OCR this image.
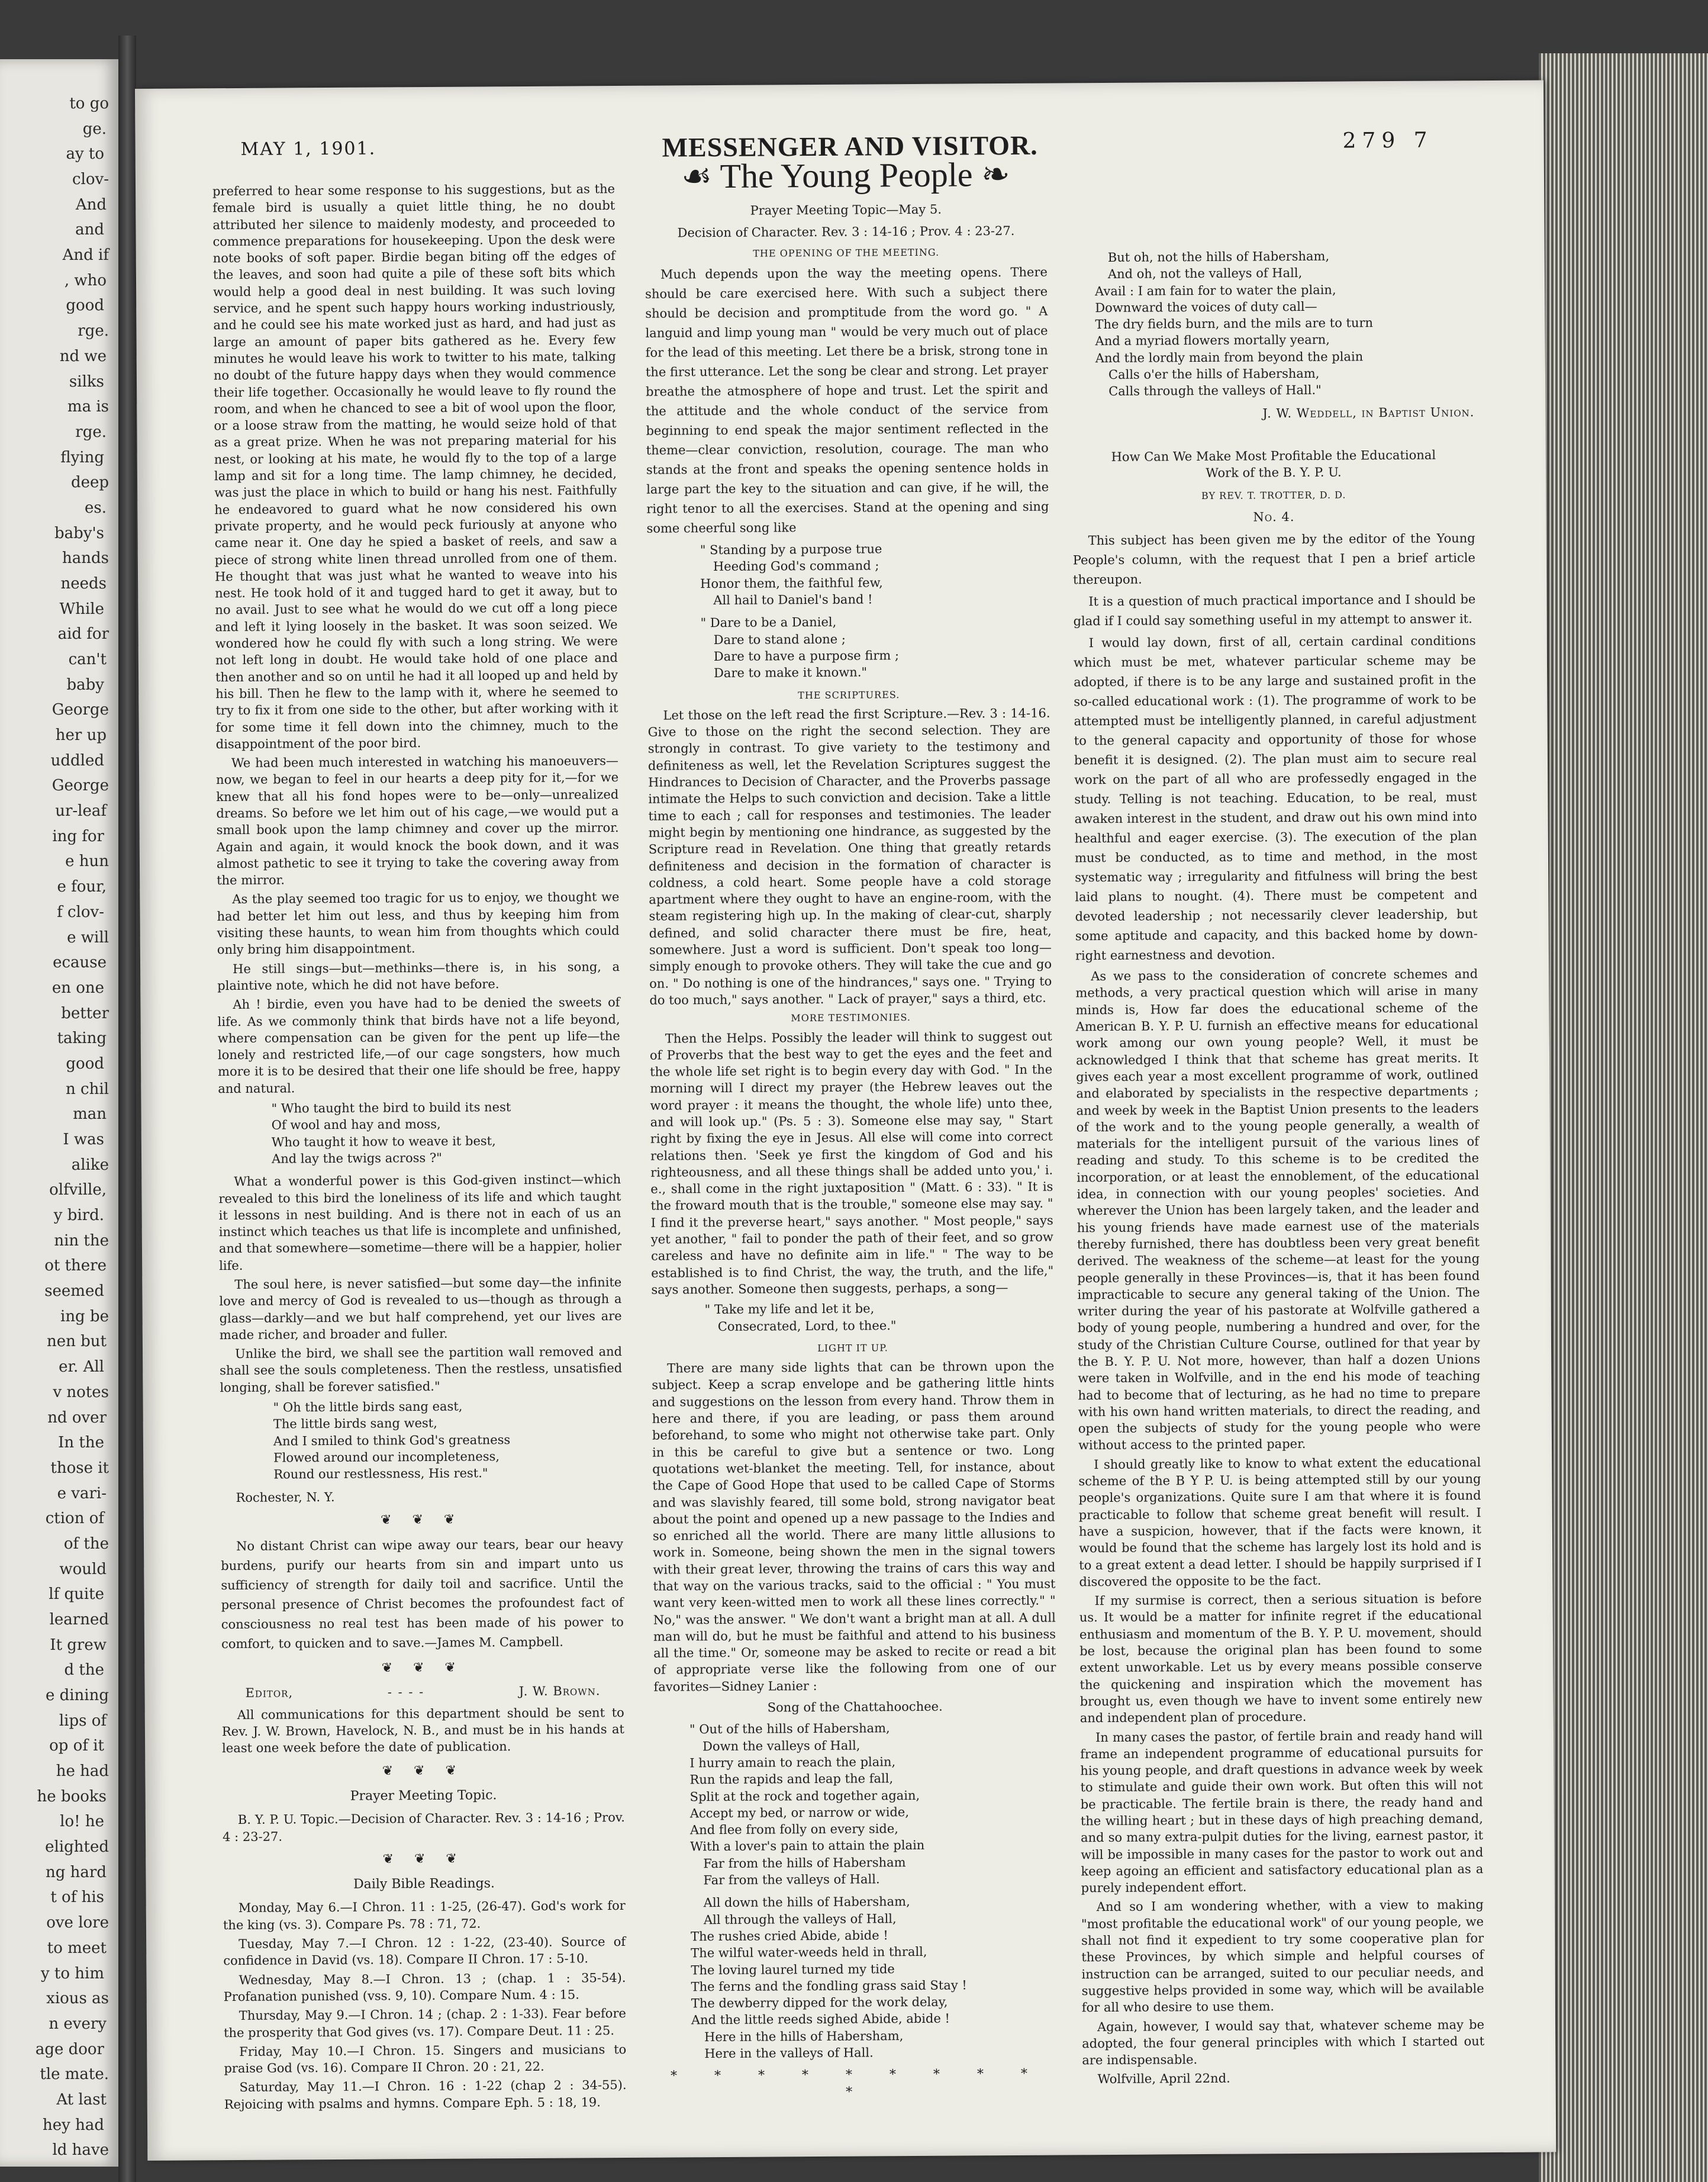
to go
ge.
ay to
clov-
And
and
And if
, who
good
rge.
nd we
silks
ma is
rge.
flying
deep
es.
baby's
hands
needs
While
aid for
can't
baby
George
her up
uddled
George
ur-leaf
ing for
e hun
e four,
f clov-
e will
ecause
en one
better
taking
good
n chil
man
I was
alike
olfville,
y bird.
nin the
ot there
seemed
ing be
nen but
er. All
v notes
nd over
In the
those it
e vari-
ction of
of the
would
lf quite
learned
It grew
d the
e dining
lips of
op of it
he had
he books
lo! he
elighted
ng hard
t of his
ove lore
to meet
y to him
xious as
n every
age door
tle mate.
At last
hey had
ld have
MAY 1, 1901.	MESSENGER AND VISITOR.	279 7

preferred to hear some response to his suggestions, but as the female bird is usually a quiet little thing, he no doubt attributed her silence to maidenly modesty, and proceeded to commence preparations for housekeeping. Upon the desk were note books of soft paper. Birdie began biting off the edges of the leaves, and soon had quite a pile of these soft bits which would help a good deal in nest building. It was such loving service, and he spent such happy hours working industriously, and he could see his mate worked just as hard, and had just as large an amount of paper bits gathered as he. Every few minutes he would leave his work to twitter to his mate, talking no doubt of the future happy days when they would commence their life together. Occasionally he would leave to fly round the room, and when he chanced to see a bit of wool upon the floor, or a loose straw from the matting, he would seize hold of that as a great prize. When he was not preparing material for his nest, or looking at his mate, he would fly to the top of a large lamp and sit for a long time. The lamp chimney, he decided, was just the place in which to build or hang his nest. Faithfully he endeavored to guard what he now considered his own private property, and he would peck furiously at anyone who came near it. One day he spied a basket of reels, and saw a piece of strong white linen thread unrolled from one of them. He thought that was just what he wanted to weave into his nest. He took hold of it and tugged hard to get it away, but to no avail. Just to see what he would do we cut off a long piece and left it lying loosely in the basket. It was soon seized. We wondered how he could fly with such a long string. We were not left long in doubt. He would take hold of one place and then another and so on until he had it all looped up and held by his bill. Then he flew to the lamp with it, where he seemed to try to fix it from one side to the other, but after working with it for some time it fell down into the chimney, much to the disappointment of the poor bird.

We had been much interested in watching his manoeuvers—now, we began to feel in our hearts a deep pity for it,—for we knew that all his fond hopes were to be—only—unrealized dreams. So before we let him out of his cage,—we would put a small book upon the lamp chimney and cover up the mirror. Again and again, it would knock the book down, and it was almost pathetic to see it trying to take the covering away from the mirror.

As the play seemed too tragic for us to enjoy, we thought we had better let him out less, and thus by keeping him from visiting these haunts, to wean him from thoughts which could only bring him disappointment.

He still sings—but—methinks—there is, in his song, a plaintive note, which he did not have before.

Ah ! birdie, even you have had to be denied the sweets of life. As we commonly think that birds have not a life beyond, where compensation can be given for the pent up life—the lonely and restricted life,—of our cage songsters, how much more it is to be desired that their one life should be free, happy and natural.

" Who taught the bird to build its nest
Of wool and hay and moss,
Who taught it how to weave it best,
And lay the twigs across ?"

What a wonderful power is this God-given instinct—which revealed to this bird the loneliness of its life and which taught it lessons in nest building. And is there not in each of us an instinct which teaches us that life is incomplete and unfinished, and that somewhere—sometime—there will be a happier, holier life.

The soul here, is never satisfied—but some day—the infinite love and mercy of God is revealed to us—though as through a glass—darkly—and we but half comprehend, yet our lives are made richer, and broader and fuller.

Unlike the bird, we shall see the partition wall removed and shall see the souls completeness. Then the restless, unsatisfied longing, shall be forever satisfied."

" Oh the little birds sang east,
The little birds sang west,
And I smiled to think God's greatness
Flowed around our incompleteness,
Round our restlessness, His rest."

Rochester, N. Y.

❦ ❦ ❦

No distant Christ can wipe away our tears, bear our heavy burdens, purify our hearts from sin and impart unto us sufficiency of strength for daily toil and sacrifice. Until the personal presence of Christ becomes the profoundest fact of consciousness no real test has been made of his power to comfort, to quicken and to save.—James M. Campbell.

❦ ❦ ❦
Editor,	- - - -	J. W. Brown.

All communications for this department should be sent to Rev. J. W. Brown, Havelock, N. B., and must be in his hands at least one week before the date of publication.

❦ ❦ ❦
Prayer Meeting Topic.

B. Y. P. U. Topic.—Decision of Character. Rev. 3 : 14-16 ; Prov. 4 : 23-27.

❦ ❦ ❦
Daily Bible Readings.

Monday, May 6.—I Chron. 11 : 1-25, (26-47). God's work for the king (vs. 3). Compare Ps. 78 : 71, 72.

Tuesday, May 7.—I Chron. 12 : 1-22, (23-40). Source of confidence in David (vs. 18). Compare II Chron. 17 : 5-10.

Wednesday, May 8.—I Chron. 13 ; (chap. 1 : 35-54). Profanation punished (vss. 9, 10). Compare Num. 4 : 15.

Thursday, May 9.—I Chron. 14 ; (chap. 2 : 1-33). Fear before the prosperity that God gives (vs. 17). Compare Deut. 11 : 25.

Friday, May 10.—I Chron. 15. Singers and musicians to praise God (vs. 16). Compare II Chron. 20 : 21, 22.

Saturday, May 11.—I Chron. 16 : 1-22 (chap 2 : 34-55). Rejoicing with psalms and hymns. Compare Eph. 5 : 18, 19.

☙ The Young People ❧
Prayer Meeting Topic—May 5.
Decision of Character. Rev. 3 : 14-16 ; Prov. 4 : 23-27.
THE OPENING OF THE MEETING.

Much depends upon the way the meeting opens. There should be care exercised here. With such a subject there should be decision and promptitude from the word go. " A languid and limp young man " would be very much out of place for the lead of this meeting. Let there be a brisk, strong tone in the first utterance. Let the song be clear and strong. Let prayer breathe the atmosphere of hope and trust. Let the spirit and the attitude and the whole conduct of the service from beginning to end speak the major sentiment reflected in the theme—clear conviction, resolution, courage. The man who stands at the front and speaks the opening sentence holds in large part the key to the situation and can give, if he will, the right tenor to all the exercises. Stand at the opening and sing some cheerful song like

" Standing by a purpose true
Heeding God's command ;
Honor them, the faithful few,
All hail to Daniel's band !
" Dare to be a Daniel,
Dare to stand alone ;
Dare to have a purpose firm ;
Dare to make it known."
THE SCRIPTURES.

Let those on the left read the first Scripture.—Rev. 3 : 14-16. Give to those on the right the second selection. They are strongly in contrast. To give variety to the testimony and definiteness as well, let the Revelation Scriptures suggest the Hindrances to Decision of Character, and the Proverbs passage intimate the Helps to such conviction and decision. Take a little time to each ; call for responses and testimonies. The leader might begin by mentioning one hindrance, as suggested by the Scripture read in Revelation. One thing that greatly retards definiteness and decision in the formation of character is coldness, a cold heart. Some people have a cold storage apartment where they ought to have an engine-room, with the steam registering high up. In the making of clear-cut, sharply defined, and solid character there must be fire, heat, somewhere. Just a word is sufficient. Don't speak too long—simply enough to provoke others. They will take the cue and go on. " Do nothing is one of the hindrances," says one. " Trying to do too much," says another. " Lack of prayer," says a third, etc.

MORE TESTIMONIES.

Then the Helps. Possibly the leader will think to suggest out of Proverbs that the best way to get the eyes and the feet and the whole life set right is to begin every day with God. " In the morning will I direct my prayer (the Hebrew leaves out the word prayer : it means the thought, the whole life) unto thee, and will look up." (Ps. 5 : 3). Someone else may say, " Start right by fixing the eye in Jesus. All else will come into correct relations then. 'Seek ye first the kingdom of God and his righteousness, and all these things shall be added unto you,' i. e., shall come in the right juxtaposition " (Matt. 6 : 33). " It is the froward mouth that is the trouble," someone else may say. " I find it the preverse heart," says another. " Most people," says yet another, " fail to ponder the path of their feet, and so grow careless and have no definite aim in life." " The way to be established is to find Christ, the way, the truth, and the life," says another. Someone then suggests, perhaps, a song—

" Take my life and let it be,
Consecrated, Lord, to thee."
LIGHT IT UP.

There are many side lights that can be thrown upon the subject. Keep a scrap envelope and be gathering little hints and suggestions on the lesson from every hand. Throw them in here and there, if you are leading, or pass them around beforehand, to some who might not otherwise take part. Only in this be careful to give but a sentence or two. Long quotations wet-blanket the meeting. Tell, for instance, about the Cape of Good Hope that used to be called Cape of Storms and was slavishly feared, till some bold, strong navigator beat about the point and opened up a new passage to the Indies and so enriched all the world. There are many little allusions to work in. Someone, being shown the men in the signal towers with their great lever, throwing the trains of cars this way and that way on the various tracks, said to the official : " You must want very keen-witted men to work all these lines correctly." " No," was the answer. " We don't want a bright man at all. A dull man will do, but he must be faithful and attend to his business all the time." Or, someone may be asked to recite or read a bit of appropriate verse like the following from one of our favorites—Sidney Lanier :

Song of the Chattahoochee.
" Out of the hills of Habersham,
Down the valleys of Hall,
I hurry amain to reach the plain,
Run the rapids and leap the fall,
Split at the rock and together again,
Accept my bed, or narrow or wide,
And flee from folly on every side,
With a lover's pain to attain the plain
Far from the hills of Habersham
Far from the valleys of Hall.
All down the hills of Habersham,
All through the valleys of Hall,
The rushes cried Abide, abide !
The wilful water-weeds held in thrall,
The loving laurel turned my tide
The ferns and the fondling grass said Stay !
The dewberry dipped for the work delay,
And the little reeds sighed Abide, abide !
Here in the hills of Habersham,
Here in the valleys of Hall.
* * * * * * * * * *
But oh, not the hills of Habersham,
And oh, not the valleys of Hall,
Avail : I am fain for to water the plain,
Downward the voices of duty call—
The dry fields burn, and the mils are to turn
And a myriad flowers mortally yearn,
And the lordly main from beyond the plain
Calls o'er the hills of Habersham,
Calls through the valleys of Hall."
J. W. Weddell, in Baptist Union.
How Can We Make Most Profitable the Educational
Work of the B. Y. P. U.
BY REV. T. TROTTER, D. D.
No. 4.

This subject has been given me by the editor of the Young People's column, with the request that I pen a brief article thereupon.

It is a question of much practical importance and I should be glad if I could say something useful in my attempt to answer it.

I would lay down, first of all, certain cardinal conditions which must be met, whatever particular scheme may be adopted, if there is to be any large and sustained profit in the so-called educational work : (1). The programme of work to be attempted must be intelligently planned, in careful adjustment to the general capacity and opportunity of those for whose benefit it is designed. (2). The plan must aim to secure real work on the part of all who are professedly engaged in the study. Telling is not teaching. Education, to be real, must awaken interest in the student, and draw out his own mind into healthful and eager exercise. (3). The execution of the plan must be conducted, as to time and method, in the most systematic way ; irregularity and fitfulness will bring the best laid plans to nought. (4). There must be competent and devoted leadership ; not necessarily clever leadership, but some aptitude and capacity, and this backed home by down-right earnestness and devotion.

As we pass to the consideration of concrete schemes and methods, a very practical question which will arise in many minds is, How far does the educational scheme of the American B. Y. P. U. furnish an effective means for educational work among our own young people? Well, it must be acknowledged I think that that scheme has great merits. It gives each year a most excellent programme of work, outlined and elaborated by specialists in the respective departments ; and week by week in the Baptist Union presents to the leaders of the work and to the young people generally, a wealth of materials for the intelligent pursuit of the various lines of reading and study. To this scheme is to be credited the incorporation, or at least the ennoblement, of the educational idea, in connection with our young peoples' societies. And wherever the Union has been largely taken, and the leader and his young friends have made earnest use of the materials thereby furnished, there has doubtless been very great benefit derived. The weakness of the scheme—at least for the young people generally in these Provinces—is, that it has been found impracticable to secure any general taking of the Union. The writer during the year of his pastorate at Wolfville gathered a body of young people, numbering a hundred and over, for the study of the Christian Culture Course, outlined for that year by the B. Y. P. U. Not more, however, than half a dozen Unions were taken in Wolfville, and in the end his mode of teaching had to become that of lecturing, as he had no time to prepare with his own hand written materials, to direct the reading, and open the subjects of study for the young people who were without access to the printed paper.

I should greatly like to know to what extent the educational scheme of the B Y P. U. is being attempted still by our young people's organizations. Quite sure I am that where it is found practicable to follow that scheme great benefit will result. I have a suspicion, however, that if the facts were known, it would be found that the scheme has largely lost its hold and is to a great extent a dead letter. I should be happily surprised if I discovered the opposite to be the fact.

If my surmise is correct, then a serious situation is before us. It would be a matter for infinite regret if the educational enthusiasm and momentum of the B. Y. P. U. movement, should be lost, because the original plan has been found to some extent unworkable. Let us by every means possible conserve the quickening and inspiration which the movement has brought us, even though we have to invent some entirely new and independent plan of procedure.

In many cases the pastor, of fertile brain and ready hand will frame an independent programme of educational pursuits for his young people, and draft questions in advance week by week to stimulate and guide their own work. But often this will not be practicable. The fertile brain is there, the ready hand and the willing heart ; but in these days of high preaching demand, and so many extra-pulpit duties for the living, earnest pastor, it will be impossible in many cases for the pastor to work out and keep agoing an efficient and satisfactory educational plan as a purely independent effort.

And so I am wondering whether, with a view to making "most profitable the educational work" of our young people, we shall not find it expedient to try some cooperative plan for these Provinces, by which simple and helpful courses of instruction can be arranged, suited to our peculiar needs, and suggestive helps provided in some way, which will be available for all who desire to use them.

Again, however, I would say that, whatever scheme may be adopted, the four general principles with which I started out are indispensable.

Wolfville, April 22nd.
